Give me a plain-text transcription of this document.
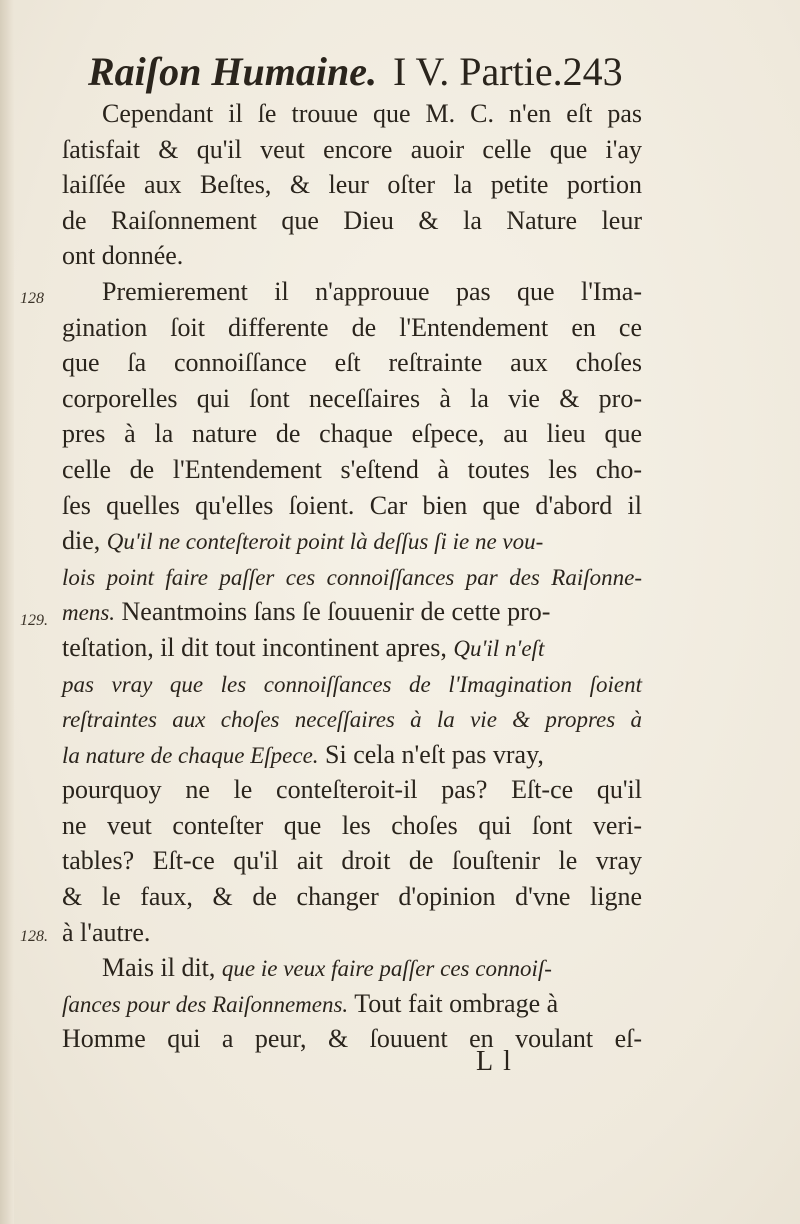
Raiſon Humaine. I V. Partie.243
128
129.
128.
Cependant il ſe trouue que M. C. n'en eſt pas
ſatisfait & qu'il veut encore auoir celle que i'ay
laiſſée aux Beſtes, & leur oſter la petite portion
de Raiſonnement que Dieu & la Nature leur
ont donnée.
Premierement il n'approuue pas que l'Ima-
gination ſoit differente de l'Entendement en ce
que ſa connoiſſance eſt reſtrainte aux choſes
corporelles qui ſont neceſſaires à la vie & pro-
pres à la nature de chaque eſpece, au lieu que
celle de l'Entendement s'eſtend à toutes les cho-
ſes quelles qu'elles ſoient. Car bien que d'abord il
die, Qu'il ne conteſteroit point là deſſus ſi ie ne vou-
lois point faire paſſer ces connoiſſances par des Raiſonne-
mens. Neantmoins ſans ſe ſouuenir de cette pro-
teſtation, il dit tout incontinent apres, Qu'il n'eſt
pas vray que les connoiſſances de l'Imagination ſoient
reſtraintes aux choſes neceſſaires à la vie & propres à
la nature de chaque Eſpece. Si cela n'eſt pas vray,
pourquoy ne le conteſteroit-il pas? Eſt-ce qu'il
ne veut conteſter que les choſes qui ſont veri-
tables? Eſt-ce qu'il ait droit de ſouſtenir le vray
& le faux, & de changer d'opinion d'vne ligne
à l'autre.
Mais il dit, que ie veux faire paſſer ces connoiſ-
ſances pour des Raiſonnemens. Tout fait ombrage à
Homme qui a peur, & ſouuent en voulant eſ-
L l
